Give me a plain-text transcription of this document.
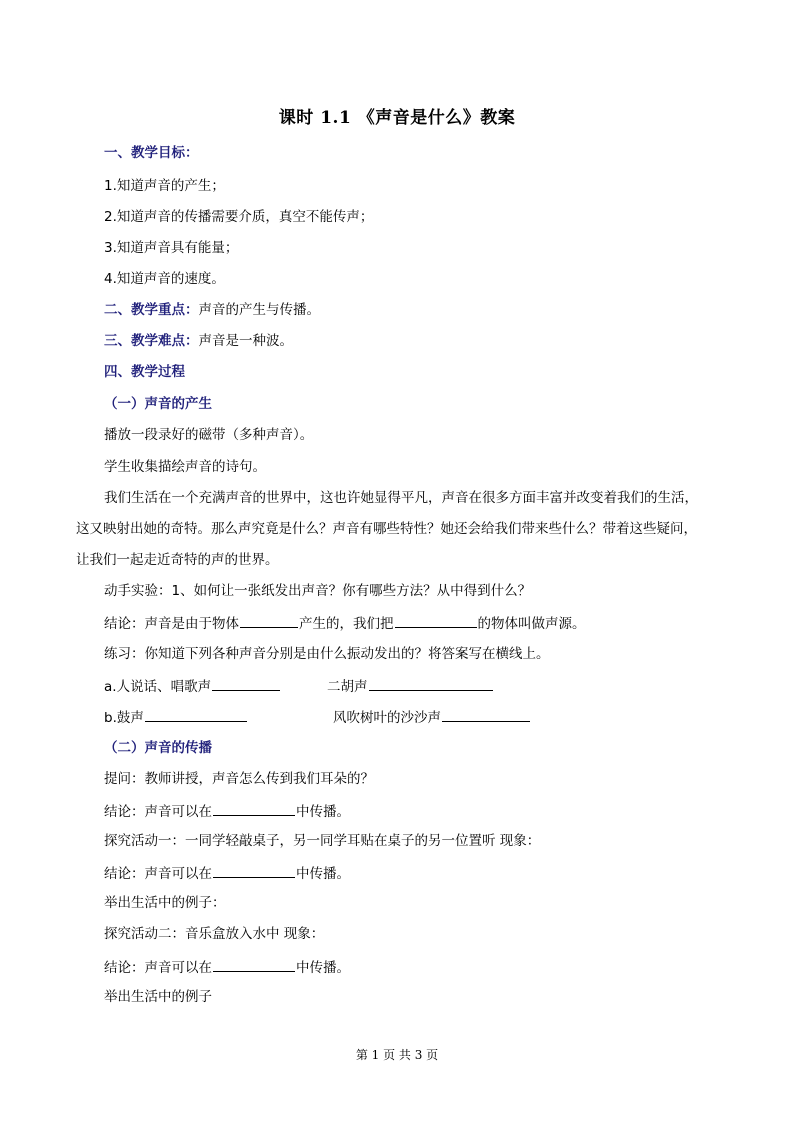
课时 1.1 《声音是什么》教案
一、教学目标：
1.知道声音的产生；
2.知道声音的传播需要介质，真空不能传声；
3.知道声音具有能量；
4.知道声音的速度。
二、教学重点：声音的产生与传播。
三、教学难点：声音是一种波。
四、教学过程
（一）声音的产生
播放一段录好的磁带（多种声音）。
学生收集描绘声音的诗句。
我们生活在一个充满声音的世界中，这也许她显得平凡，声音在很多方面丰富并改变着我们的生活，
这又映射出她的奇特。那么声究竟是什么？声音有哪些特性？她还会给我们带来些什么？带着这些疑问，
让我们一起走近奇特的声的世界。
动手实验：1、如何让一张纸发出声音？你有哪些方法？从中得到什么？
结论：声音是由于物体	产生的，我们把	的物体叫做声源。
练习：你知道下列各种声音分别是由什么振动发出的？将答案写在横线上。
a.人说话、唱歌声	二胡声
b.鼓声	风吹树叶的沙沙声
（二）声音的传播
提问：教师讲授，声音怎么传到我们耳朵的？
结论：声音可以在	中传播。
探究活动一：一同学轻敲桌子，另一同学耳贴在桌子的另一位置听 现象：
结论：声音可以在	中传播。
举出生活中的例子：
探究活动二：音乐盒放入水中 现象：
结论：声音可以在	中传播。
举出生活中的例子
第 1 页 共 3 页
